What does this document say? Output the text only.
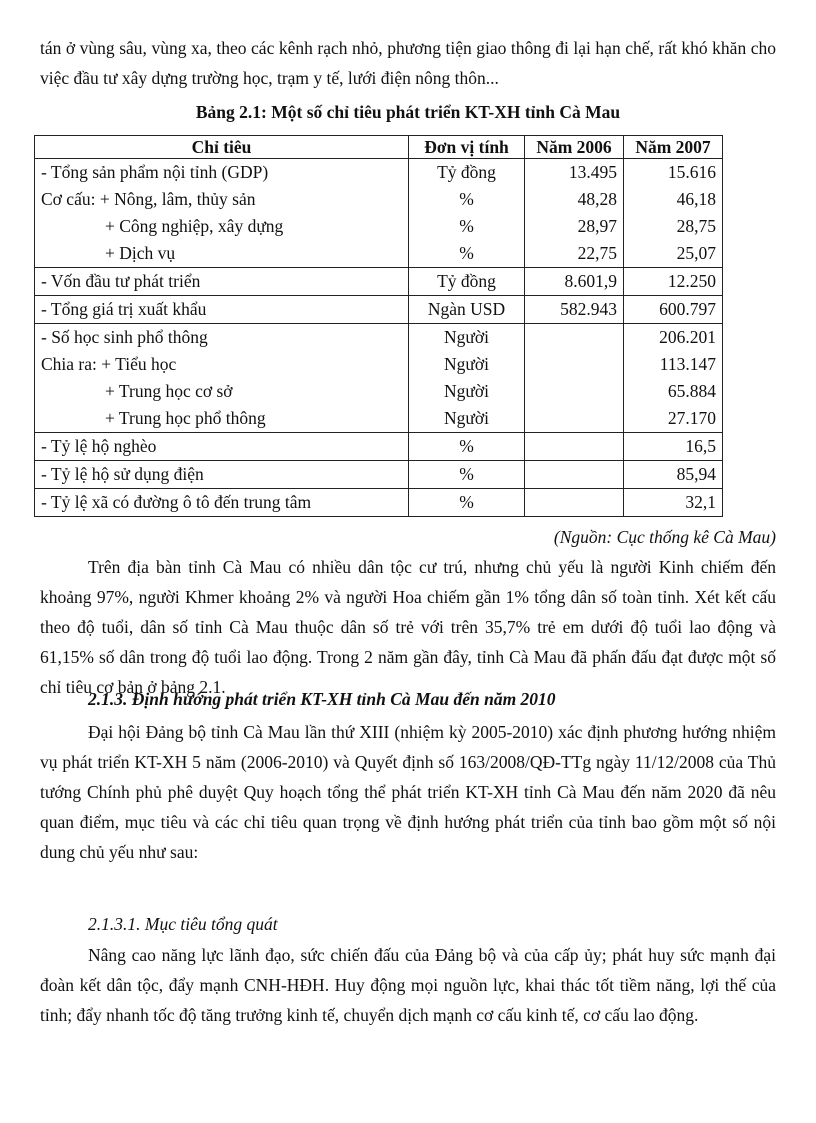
tán ở vùng sâu, vùng xa, theo các kênh rạch nhỏ, phương tiện giao thông đi lại hạn chế, rất khó khăn cho việc đầu tư xây dựng trường học, trạm y tế, lưới điện nông thôn...

Bảng 2.1: Một số chỉ tiêu phát triển KT-XH tỉnh Cà Mau
Chỉ tiêu	Đơn vị tính	Năm 2006	Năm 2007
- Tổng sản phẩm nội tỉnh (GDP)	Tỷ đồng	13.495	15.616
Cơ cấu: + Nông, lâm, thủy sản	%	48,28	46,18
+ Công nghiệp, xây dựng	%	28,97	28,75
+ Dịch vụ	%	22,75	25,07
- Vốn đầu tư phát triển	Tỷ đồng	8.601,9	12.250
- Tổng giá trị xuất khẩu	Ngàn USD	582.943	600.797
- Số học sinh phổ thông	Người		206.201
Chia ra: + Tiểu học	Người		113.147
+ Trung học cơ sở	Người		65.884
+ Trung học phổ thông	Người		27.170
- Tỷ lệ hộ nghèo	%		16,5
- Tỷ lệ hộ sử dụng điện	%		85,94
- Tỷ lệ xã có đường ô tô đến trung tâm	%		32,1
(Nguồn: Cục thống kê Cà Mau)

Trên địa bàn tỉnh Cà Mau có nhiều dân tộc cư trú, nhưng chủ yếu là người Kinh chiếm đến khoảng 97%, người Khmer khoảng 2% và người Hoa chiếm gần 1% tổng dân số toàn tỉnh. Xét kết cấu theo độ tuổi, dân số tỉnh Cà Mau thuộc dân số trẻ với trên 35,7% trẻ em dưới độ tuổi lao động và 61,15% số dân trong độ tuổi lao động. Trong 2 năm gần đây, tỉnh Cà Mau đã phấn đấu đạt được một số chỉ tiêu cơ bản ở bảng 2.1.

2.1.3. Định hướng phát triển KT-XH tỉnh Cà Mau đến năm 2010

Đại hội Đảng bộ tỉnh Cà Mau lần thứ XIII (nhiệm kỳ 2005-2010) xác định phương hướng nhiệm vụ phát triển KT-XH 5 năm (2006-2010) và Quyết định số 163/2008/QĐ-TTg ngày 11/12/2008 của Thủ tướng Chính phủ phê duyệt Quy hoạch tổng thể phát triển KT-XH tỉnh Cà Mau đến năm 2020 đã nêu quan điểm, mục tiêu và các chỉ tiêu quan trọng về định hướng phát triển của tỉnh bao gồm một số nội dung chủ yếu như sau:

2.1.3.1. Mục tiêu tổng quát

Nâng cao năng lực lãnh đạo, sức chiến đấu của Đảng bộ và của cấp ủy; phát huy sức mạnh đại đoàn kết dân tộc, đẩy mạnh CNH-HĐH. Huy động mọi nguồn lực, khai thác tốt tiềm năng, lợi thế của tỉnh; đẩy nhanh tốc độ tăng trưởng kinh tế, chuyển dịch mạnh cơ cấu kinh tế, cơ cấu lao động.
